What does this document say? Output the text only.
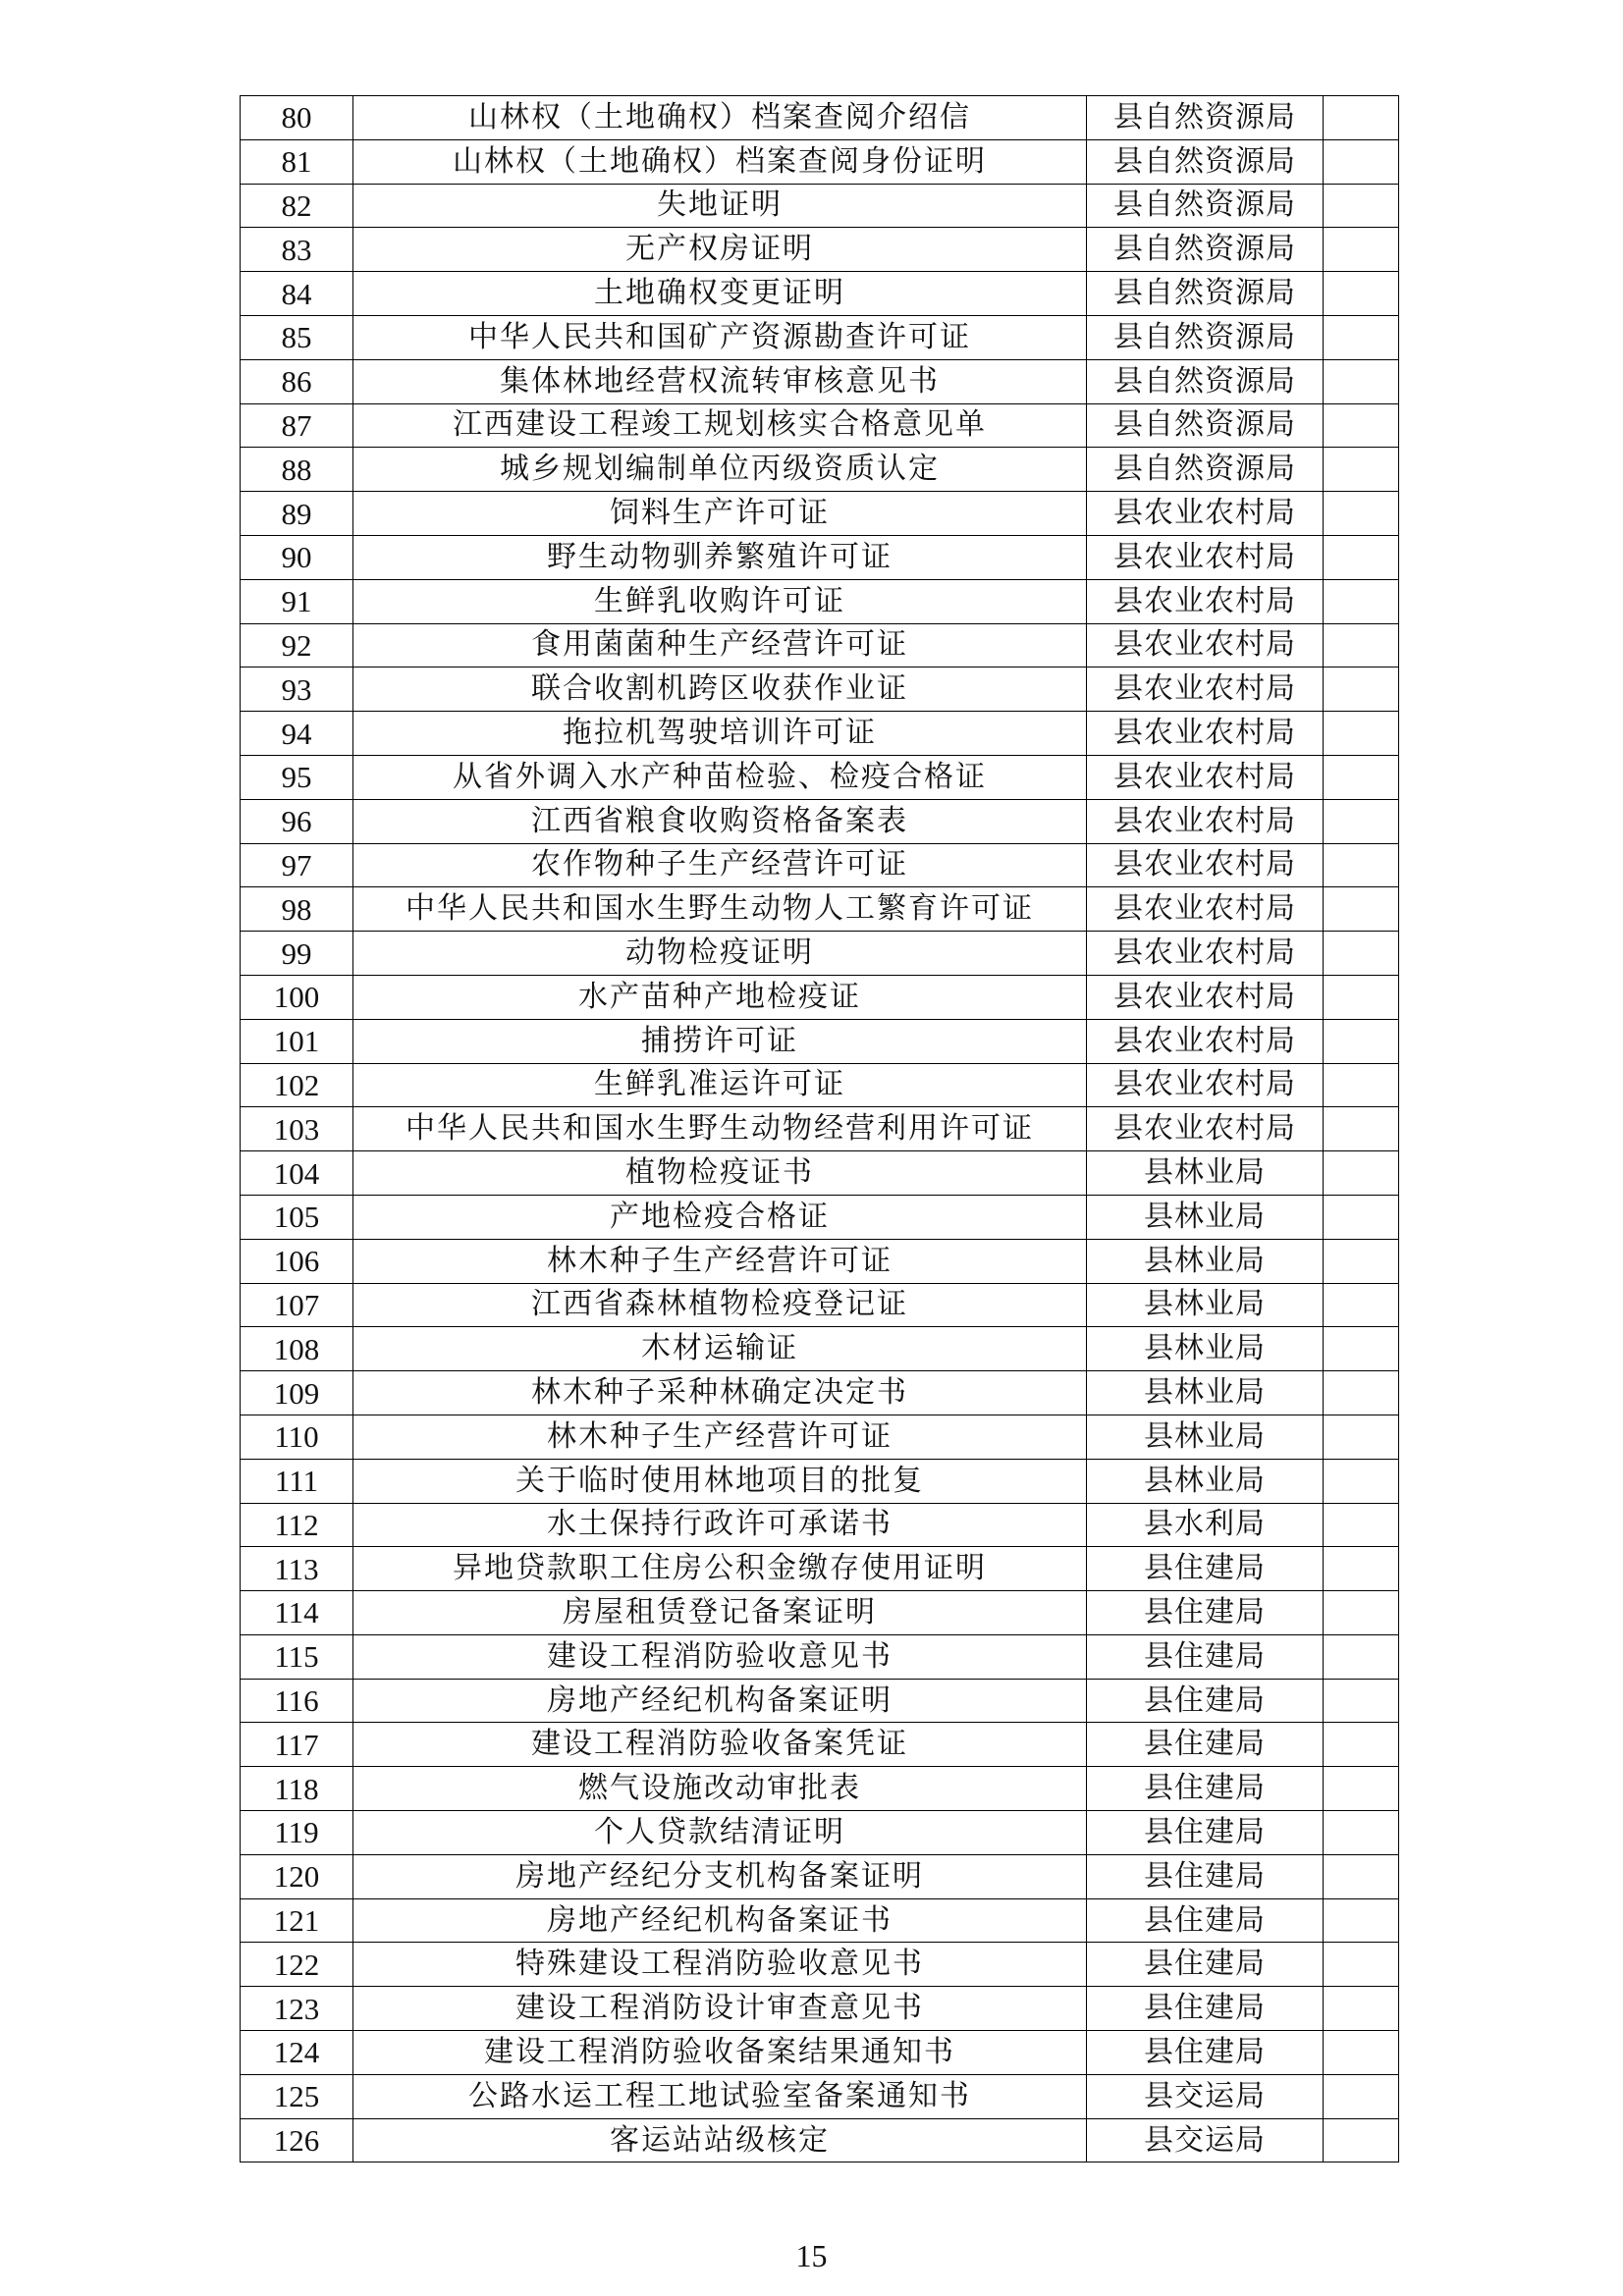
80	山林权（土地确权）档案查阅介绍信	县自然资源局	
81	山林权（土地确权）档案查阅身份证明	县自然资源局	
82	失地证明	县自然资源局	
83	无产权房证明	县自然资源局	
84	土地确权变更证明	县自然资源局	
85	中华人民共和国矿产资源勘查许可证	县自然资源局	
86	集体林地经营权流转审核意见书	县自然资源局	
87	江西建设工程竣工规划核实合格意见单	县自然资源局	
88	城乡规划编制单位丙级资质认定	县自然资源局	
89	饲料生产许可证	县农业农村局	
90	野生动物驯养繁殖许可证	县农业农村局	
91	生鲜乳收购许可证	县农业农村局	
92	食用菌菌种生产经营许可证	县农业农村局	
93	联合收割机跨区收获作业证	县农业农村局	
94	拖拉机驾驶培训许可证	县农业农村局	
95	从省外调入水产种苗检验、检疫合格证	县农业农村局	
96	江西省粮食收购资格备案表	县农业农村局	
97	农作物种子生产经营许可证	县农业农村局	
98	中华人民共和国水生野生动物人工繁育许可证	县农业农村局	
99	动物检疫证明	县农业农村局	
100	水产苗种产地检疫证	县农业农村局	
101	捕捞许可证	县农业农村局	
102	生鲜乳准运许可证	县农业农村局	
103	中华人民共和国水生野生动物经营利用许可证	县农业农村局	
104	植物检疫证书	县林业局	
105	产地检疫合格证	县林业局	
106	林木种子生产经营许可证	县林业局	
107	江西省森林植物检疫登记证	县林业局	
108	木材运输证	县林业局	
109	林木种子采种林确定决定书	县林业局	
110	林木种子生产经营许可证	县林业局	
111	关于临时使用林地项目的批复	县林业局	
112	水土保持行政许可承诺书	县水利局	
113	异地贷款职工住房公积金缴存使用证明	县住建局	
114	房屋租赁登记备案证明	县住建局	
115	建设工程消防验收意见书	县住建局	
116	房地产经纪机构备案证明	县住建局	
117	建设工程消防验收备案凭证	县住建局	
118	燃气设施改动审批表	县住建局	
119	个人贷款结清证明	县住建局	
120	房地产经纪分支机构备案证明	县住建局	
121	房地产经纪机构备案证书	县住建局	
122	特殊建设工程消防验收意见书	县住建局	
123	建设工程消防设计审查意见书	县住建局	
124	建设工程消防验收备案结果通知书	县住建局	
125	公路水运工程工地试验室备案通知书	县交运局	
126	客运站站级核定	县交运局	
15
